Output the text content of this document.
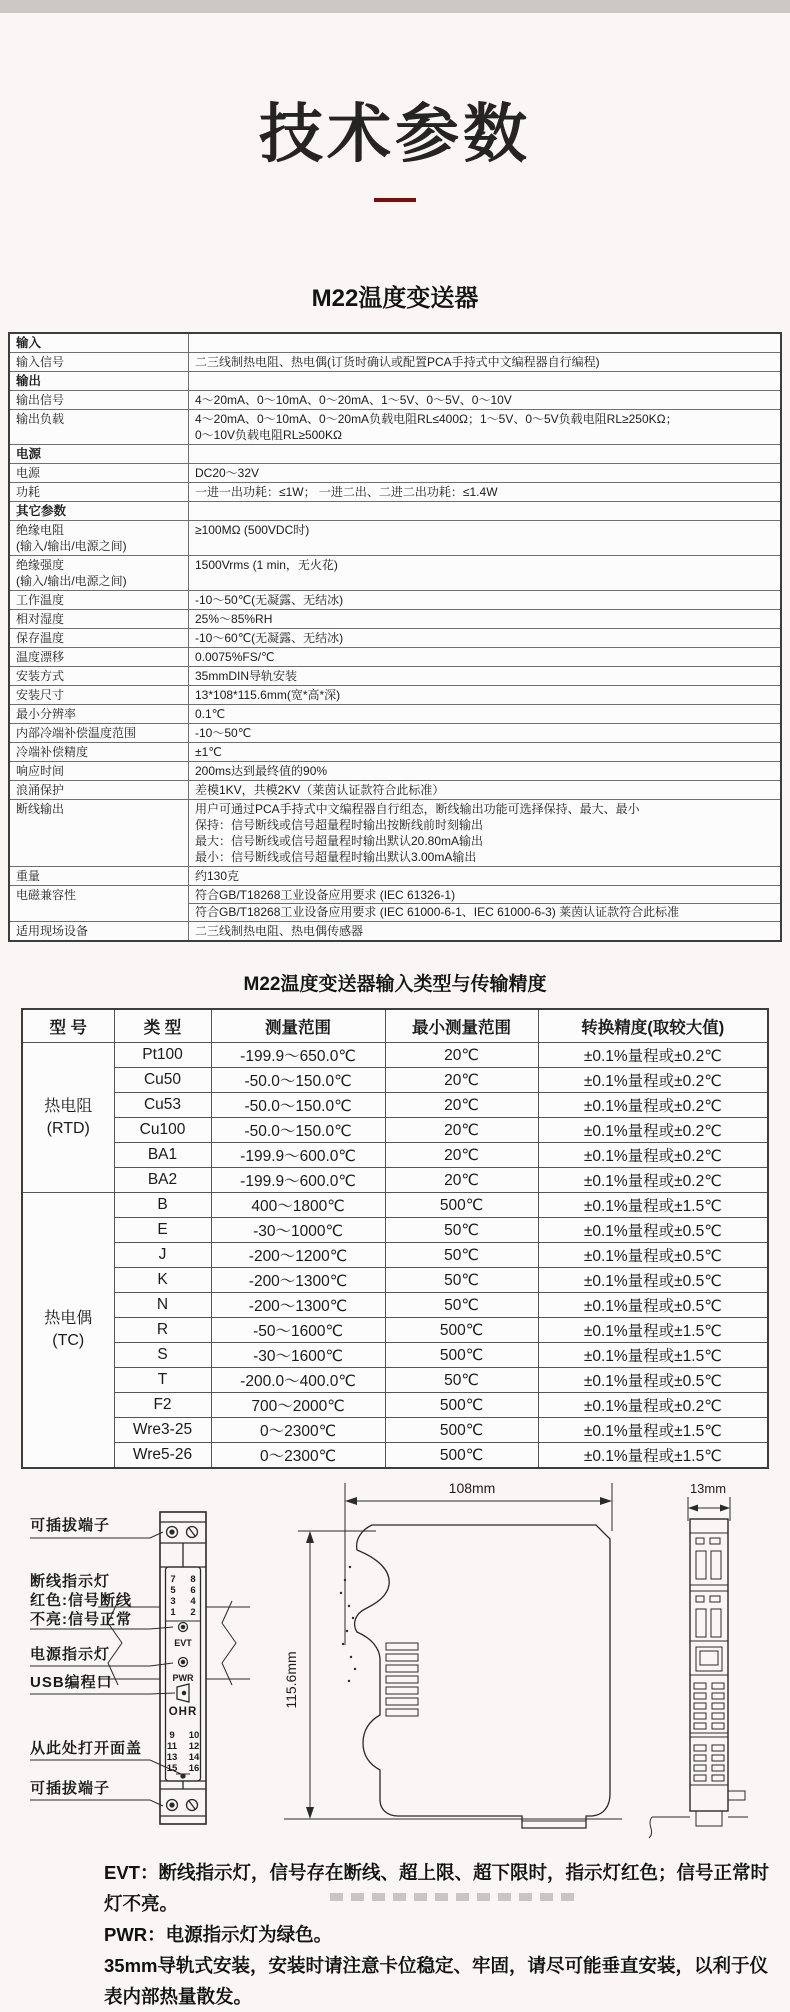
技术参数
M22温度变送器
输入	

输入信号	二三线制热电阻、热电偶(订货时确认或配置PCA手持式中文编程器自行编程)

输出	

输出信号	4～20mA、0～10mA、0～20mA、1～5V、0～5V、0～10V

输出负载	4～20mA、0～10mA、0～20mA负载电阻RL≤400Ω；1～5V、0～5V负载电阻RL≥250KΩ；
0～10V负载电阻RL≥500KΩ

电源	

电源	DC20～32V

功耗	一进一出功耗：≤1W； 一进二出、二进二出功耗：≤1.4W

其它参数	

绝缘电阻
(输入/输出/电源之间)	≥100MΩ (500VDC时)

绝缘强度
(输入/输出/电源之间)	1500Vrms (1 min，无火花)

工作温度	-10～50℃(无凝露、无结冰)

相对湿度	25%～85%RH

保存温度	-10～60℃(无凝露、无结冰)

温度漂移	0.0075%FS/℃

安装方式	35mmDIN导轨安装

安装尺寸	13*108*115.6mm(宽*高*深)

最小分辨率	0.1℃

内部冷端补偿温度范围	-10～50℃

冷端补偿精度	±1℃

响应时间	200ms达到最终值的90%

浪涌保护	差模1KV，共模2KV（莱茵认证款符合此标准）

断线输出	用户可通过PCA手持式中文编程器自行组态，断线输出功能可选择保持、最大、最小
保持：信号断线或信号超量程时输出按断线前时刻输出
最大：信号断线或信号超量程时输出默认20.80mA输出
最小：信号断线或信号超量程时输出默认3.00mA输出

重量	约130克

电磁兼容性	符合GB/T18268工业设备应用要求 (IEC 61326-1)
符合GB/T18268工业设备应用要求 (IEC 61000-6-1、IEC 61000-6-3) 莱茵认证款符合此标准

适用现场设备	二三线制热电阻、热电偶传感器
M22温度变送器输入类型与传输精度
型 号	类 型	测量范围	最小测量范围	转换精度(取较大值)

热电阻
(RTD)	Pt100	-199.9～650.0℃	20℃	±0.1%量程或±0.2℃
	Cu50	-50.0～150.0℃	20℃	±0.1%量程或±0.2℃
	Cu53	-50.0～150.0℃	20℃	±0.1%量程或±0.2℃
	Cu100	-50.0～150.0℃	20℃	±0.1%量程或±0.2℃
	BA1	-199.9～600.0℃	20℃	±0.1%量程或±0.2℃
	BA2	-199.9～600.0℃	20℃	±0.1%量程或±0.2℃

热电偶
(TC)	B	400～1800℃	500℃	±0.1%量程或±1.5℃
	E	-30～1000℃	50℃	±0.1%量程或±0.5℃
	J	-200～1200℃	50℃	±0.1%量程或±0.5℃
	K	-200～1300℃	50℃	±0.1%量程或±0.5℃
	N	-200～1300℃	50℃	±0.1%量程或±0.5℃
	R	-50～1600℃	500℃	±0.1%量程或±1.5℃
	S	-30～1600℃	500℃	±0.1%量程或±1.5℃
	T	-200.0～400.0℃	50℃	±0.1%量程或±0.5℃
	F2	700～2000℃	500℃	±0.1%量程或±0.2℃
	Wre3-25	0～2300℃	500℃	±0.1%量程或±1.5℃
	Wre5-26	0～2300℃	500℃	±0.1%量程或±1.5℃
108mm
115.6mm
13mm
7 8
5 6
3 4
1 2
9 10
11 12
13 14
15 16
EVT
PWR
OHR
可插拔端子
断线指示灯
红色:信号断线
不亮:信号正常
电源指示灯
USB编程口
从此处打开面盖
可插拔端子
EVT：断线指示灯，信号存在断线、超上限、超下限时，指示灯红色；信号正常时灯不亮。
PWR：电源指示灯为绿色。
35mm导轨式安装，安装时请注意卡位稳定、牢固，请尽可能垂直安装，以利于仪表内部热量散发。
